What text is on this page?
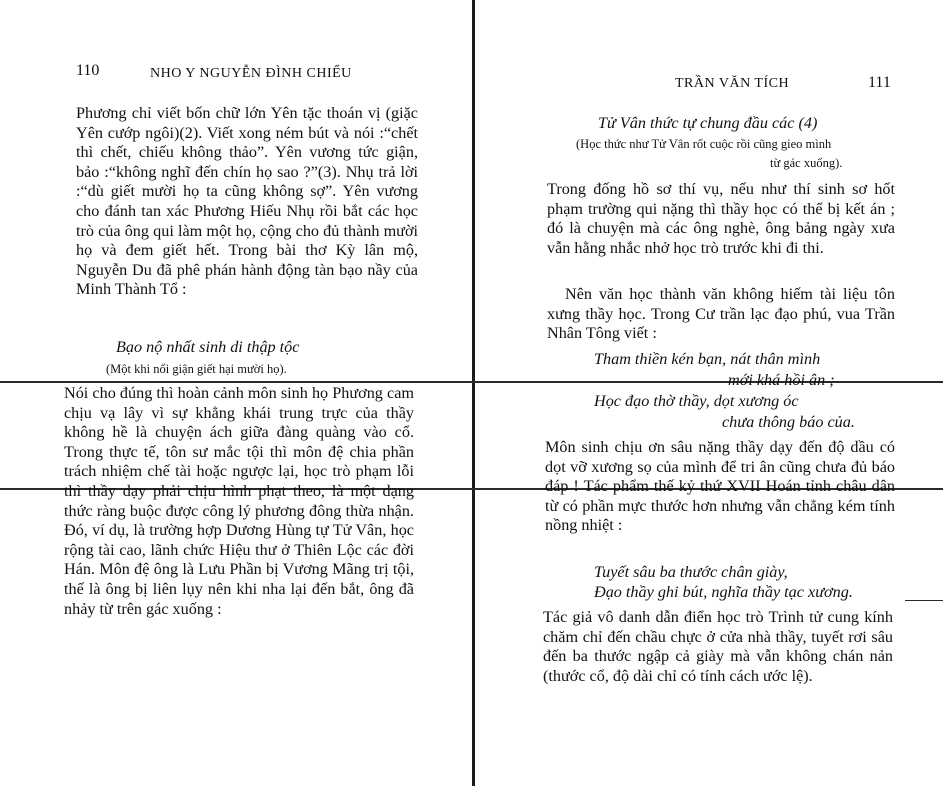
110	NHO Y NGUYỄN ĐÌNH CHIỂU

Phương chỉ viết bốn chữ lớn Yên tặc thoán vị (giặc Yên cướp ngôi)(2). Viết xong ném bút và nói :“chết thì chết, chiếu không thảo”. Yên vương tức giận, bảo :“không nghĩ đến chín họ sao ?”(3). Nhụ trả lời :“dù giết mười họ ta cũng không sợ”. Yên vương cho đánh tan xác Phương Hiếu Nhụ rồi bắt các học trò của ông qui làm một họ, cộng cho đủ thành mười họ và đem giết hết. Trong bài thơ Kỳ lân mộ, Nguyễn Du đã phê phán hành động tàn bạo nầy của Minh Thành Tổ :

Bạo nộ nhất sinh di thập tộc

(Một khi nổi giận giết hại mười họ).

Nói cho đúng thì hoàn cảnh môn sinh họ Phương cam chịu vạ lây vì sự khẳng khái trung trực của thầy không hề là chuyện ách giữa đàng quàng vào cổ. Trong thực tế, tôn sư mắc tội thì môn đệ chia phần trách nhiệm chế tài hoặc ngược lại, học trò phạm lỗi thì thầy dạy phải chịu hình phạt theo, là một dạng thức ràng buộc được công lý phương đông thừa nhận. Đó, ví dụ, là trường hợp Dương Hùng tự Tử Vân, học rộng tài cao, lãnh chức Hiệu thư ở Thiên Lộc các đời Hán. Môn đệ ông là Lưu Phần bị Vương Mãng trị tội, thế là ông bị liên lụy nên khi nha lại đến bắt, ông đã nhảy từ trên gác xuống :

TRẦN VĂN TÍCH	111

Tử Vân thức tự chung đầu các (4)

(Học thức như Tử Vân rốt cuộc rồi cũng gieo mình

từ gác xuống).

Trong đống hồ sơ thí vụ, nếu như thí sinh sơ hốt phạm trường qui nặng thì thầy học có thể bị kết án ; đó là chuyện mà các ông nghè, ông bảng ngày xưa vẫn hằng nhắc nhở học trò trước khi đi thi.

Nên văn học thành văn không hiếm tài liệu tôn xưng thầy học. Trong Cư trần lạc đạo phú, vua Trần Nhân Tông viết :

Tham thiền kén bạn, nát thân mình

mới khá hồi ân ;

Học đạo thờ thầy, dọt xương óc

chưa thông báo của.

Môn sinh chịu ơn sâu nặng thầy dạy đến độ dầu có dọt vỡ xương sọ của mình để tri ân cũng chưa đủ báo đáp ! Tác phẩm thế kỷ thứ XVII Hoán tỉnh châu dân từ có phần mực thước hơn nhưng vẫn chẳng kém tính nồng nhiệt :

Tuyết sâu ba thước chân giày,

Đạo thầy ghi bút, nghĩa thầy tạc xương.

Tác giả vô danh dẫn điển học trò Trình tử cung kính chăm chỉ đến chầu chực ở cửa nhà thầy, tuyết rơi sâu đến ba thước ngập cả giày mà vẫn không chán nản (thước cổ, độ dài chỉ có tính cách ước lệ).
